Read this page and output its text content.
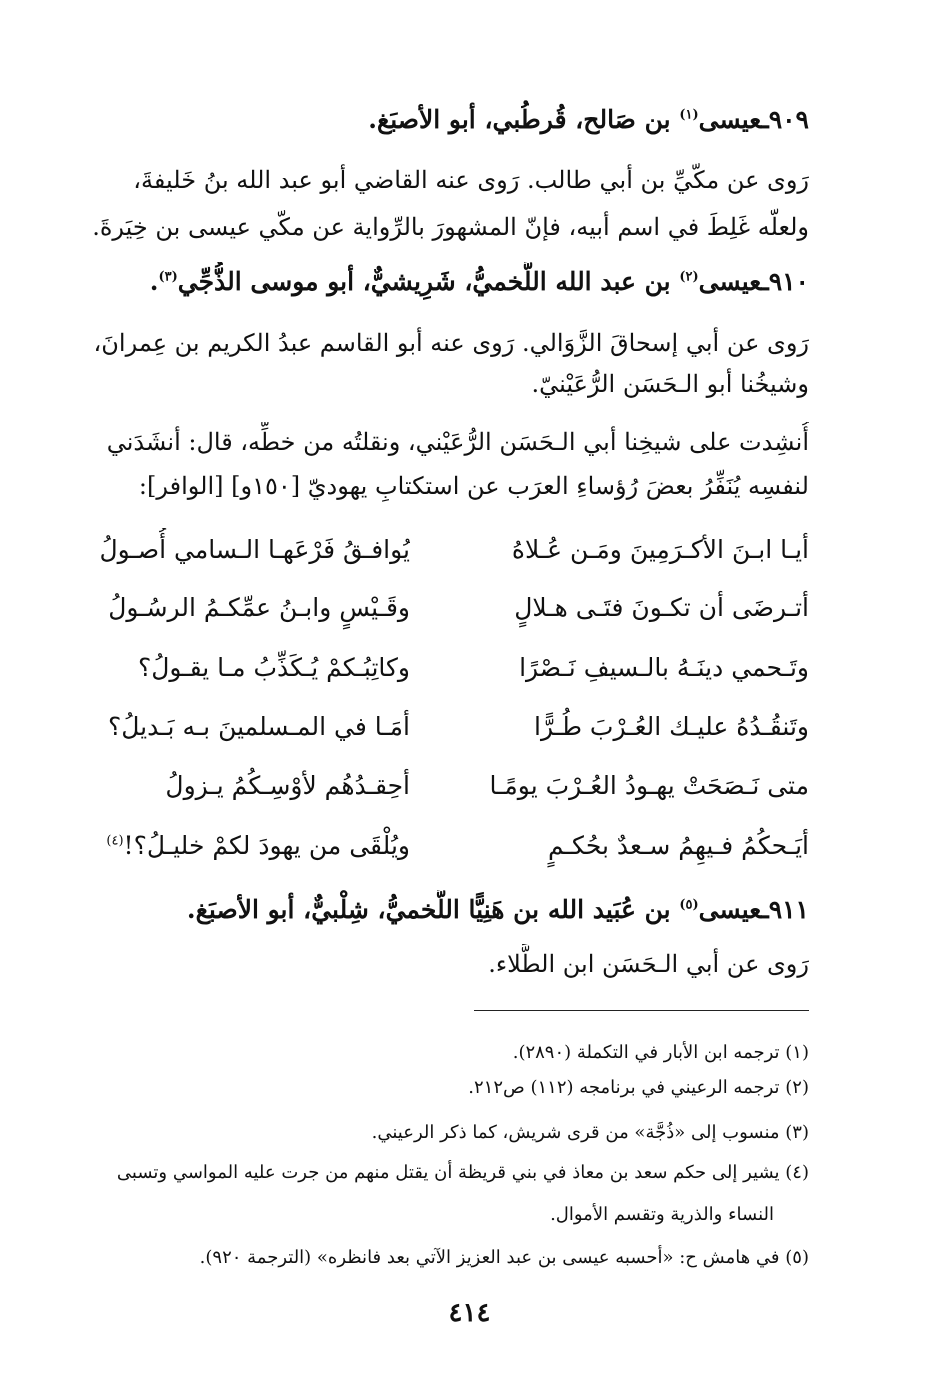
٩٠٩ـعيسى$^{(١)}$ بن صَالح، قُرطُبي، أبو الأصبَغ.
رَوى عن مكّيِّ بن أبي طالب. رَوى عنه القاضي أبو عبد الله بنُ خَليفةَ،
ولعلّه غَلِطَ في اسم أبيه، فإنّ المشهورَ بالرِّواية عن مكّي عيسى بن خِيَرةَ.
٩١٠ـعيسى$^{(٢)}$ بن عبد الله اللَّخميُّ، شَرِيشيٌّ، أبو موسى الذُّجِّي$^{(٣)}$.
رَوى عن أبي إسحاقَ الزَّوَالي. رَوى عنه أبو القاسم عبدُ الكريم بن عِمرانَ،
وشيخُنا أبو الـحَسَن الرُّعَيْنيّ.
أُنشِدت على شيخِنا أبي الـحَسَن الرُّعَيْني، ونقلتُه من خطِّه، قال: أنشَدَني
لنفسِه يُنَفِّرُ بعضَ رُؤساءِ العرَب عن استكتابِ يهوديّ [١٥٠و] [الوافر]:
أيـا ابـنَ الأكـرَمِينَ ومَـن عُـلاهُ
يُوافـقُ فَرْعَهـا الـسامي أُصـولُ
أتـرضَى أن تكـونَ فتَـى هـلالٍ
وقَـيْسٍ وابـنُ عمِّكـمُ الرسُـولُ
وتَـحمي دينَـهُ بالـسيفِ نَـصْرًا
وكاتِبُـكمْ يُـكَذِّبُ مـا يقـولُ؟
وتَنقُـدُهُ عليـك العُـرْبَ طُـرًّا
أمَـا في المـسلمينَ بـه بَـديلُ؟
متى نَـصَحَتْ يهـودُ العُـرْبَ يومًـا
أحِقـدُهُم لأوْسِـكُمُ يـزولُ
أيَـحكُمُ فـيهِمُ سـعدٌ بحُكـمٍ
ويُلْقَى من يهودَ لكمْ خليـلُ؟!$^{(٤)}$
٩١١ـعيسى$^{(٥)}$ بن عُبَيد الله بن هَنِيًّا اللَّخميُّ، شِلْبيٌّ، أبو الأصبَغ.
رَوى عن أبي الـحَسَن ابن الطَّلاء.
(١) ترجمه ابن الأبار في التكملة (٢٨٩٠).
(٢) ترجمه الرعيني في برنامجه (١١٢) ص٢١٢.
(٣) منسوب إلى «ذُجَّة» من قرى شريش، كما ذكر الرعيني.
(٤) يشير إلى حكم سعد بن معاذ في بني قريظة أن يقتل منهم من جرت عليه المواسي وتسبى
النساء والذرية وتقسم الأموال.
(٥) في هامش ح: «أحسبه عيسى بن عبد العزيز الآتي بعد فانظره» (الترجمة ٩٢٠).
٤١٤
